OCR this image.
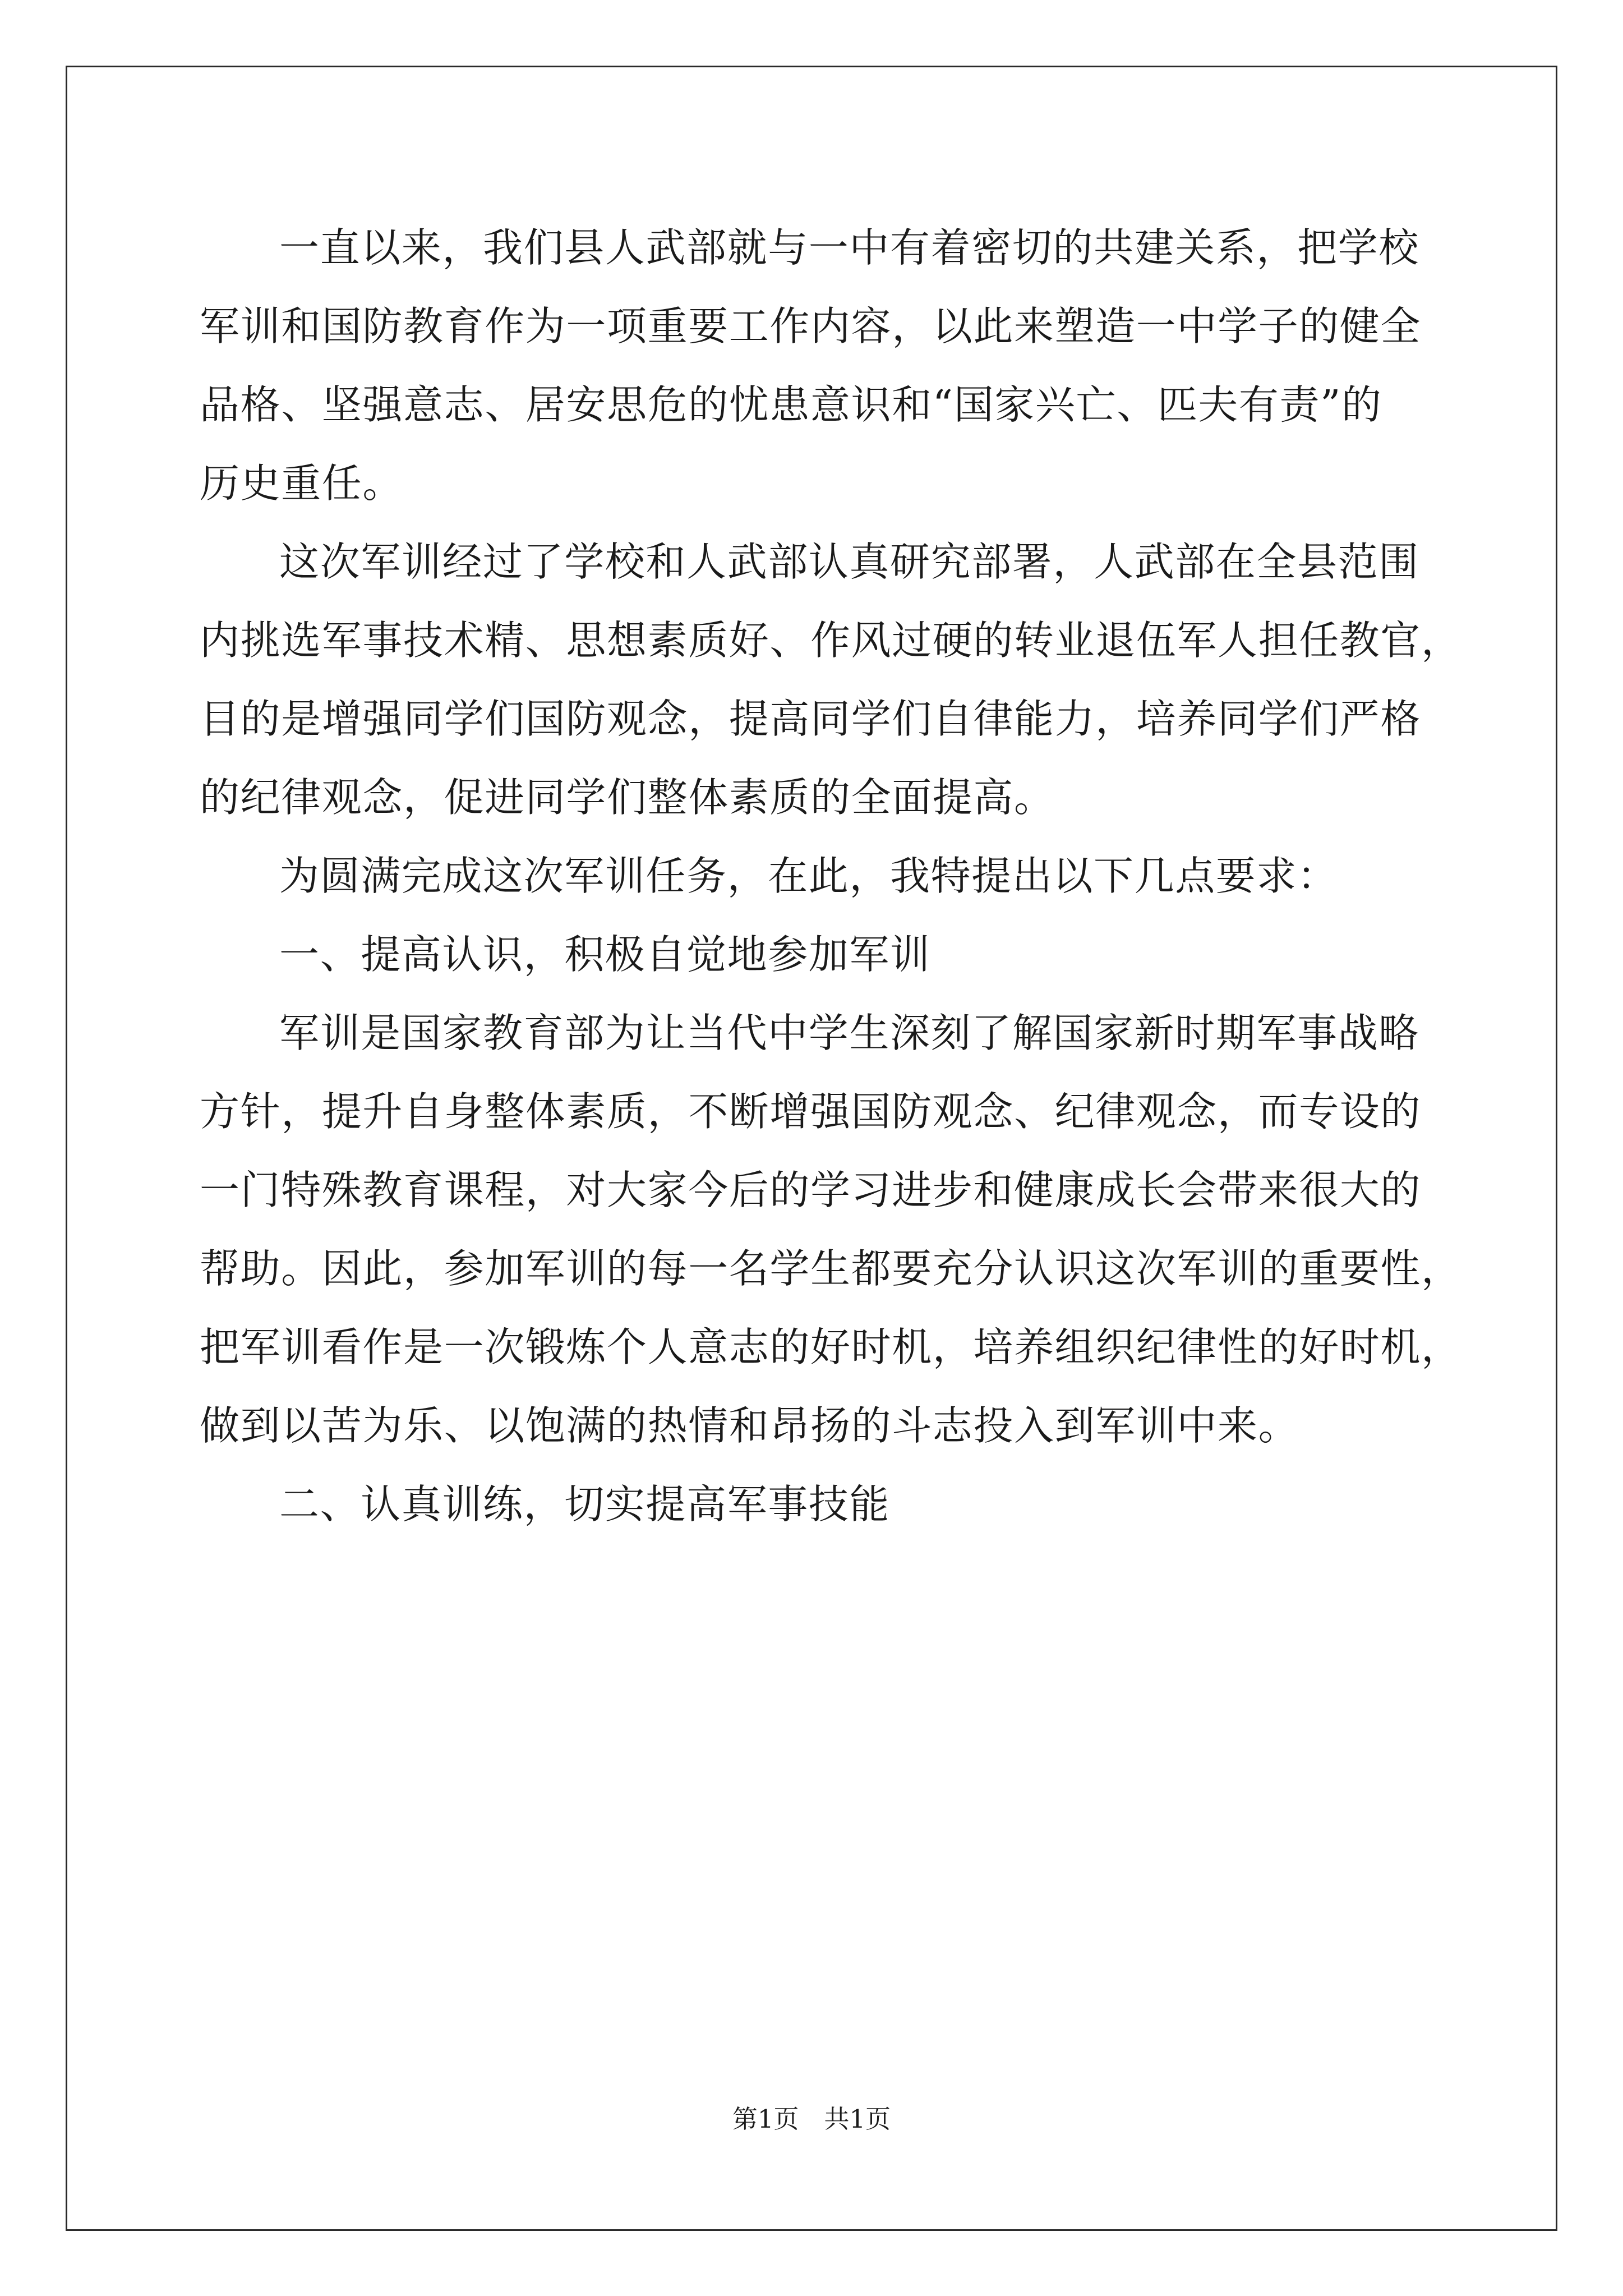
一直以来，我们县人武部就与一中有着密切的共建关系，把学校
军训和国防教育作为一项重要工作内容，以此来塑造一中学子的健全
品格、坚强意志、居安思危的忧患意识和“国家兴亡、匹夫有责”的
历史重任。
这次军训经过了学校和人武部认真研究部署，人武部在全县范围
内挑选军事技术精、思想素质好、作风过硬的转业退伍军人担任教官，
目的是增强同学们国防观念，提高同学们自律能力，培养同学们严格
的纪律观念，促进同学们整体素质的全面提高。
为圆满完成这次军训任务，在此，我特提出以下几点要求：
一、提高认识，积极自觉地参加军训
军训是国家教育部为让当代中学生深刻了解国家新时期军事战略
方针，提升自身整体素质，不断增强国防观念、纪律观念，而专设的
一门特殊教育课程，对大家今后的学习进步和健康成长会带来很大的
帮助。因此，参加军训的每一名学生都要充分认识这次军训的重要性，
把军训看作是一次锻炼个人意志的好时机，培养组织纪律性的好时机，
做到以苦为乐、以饱满的热情和昂扬的斗志投入到军训中来。
二、认真训练，切实提高军事技能
第1页　共1页
